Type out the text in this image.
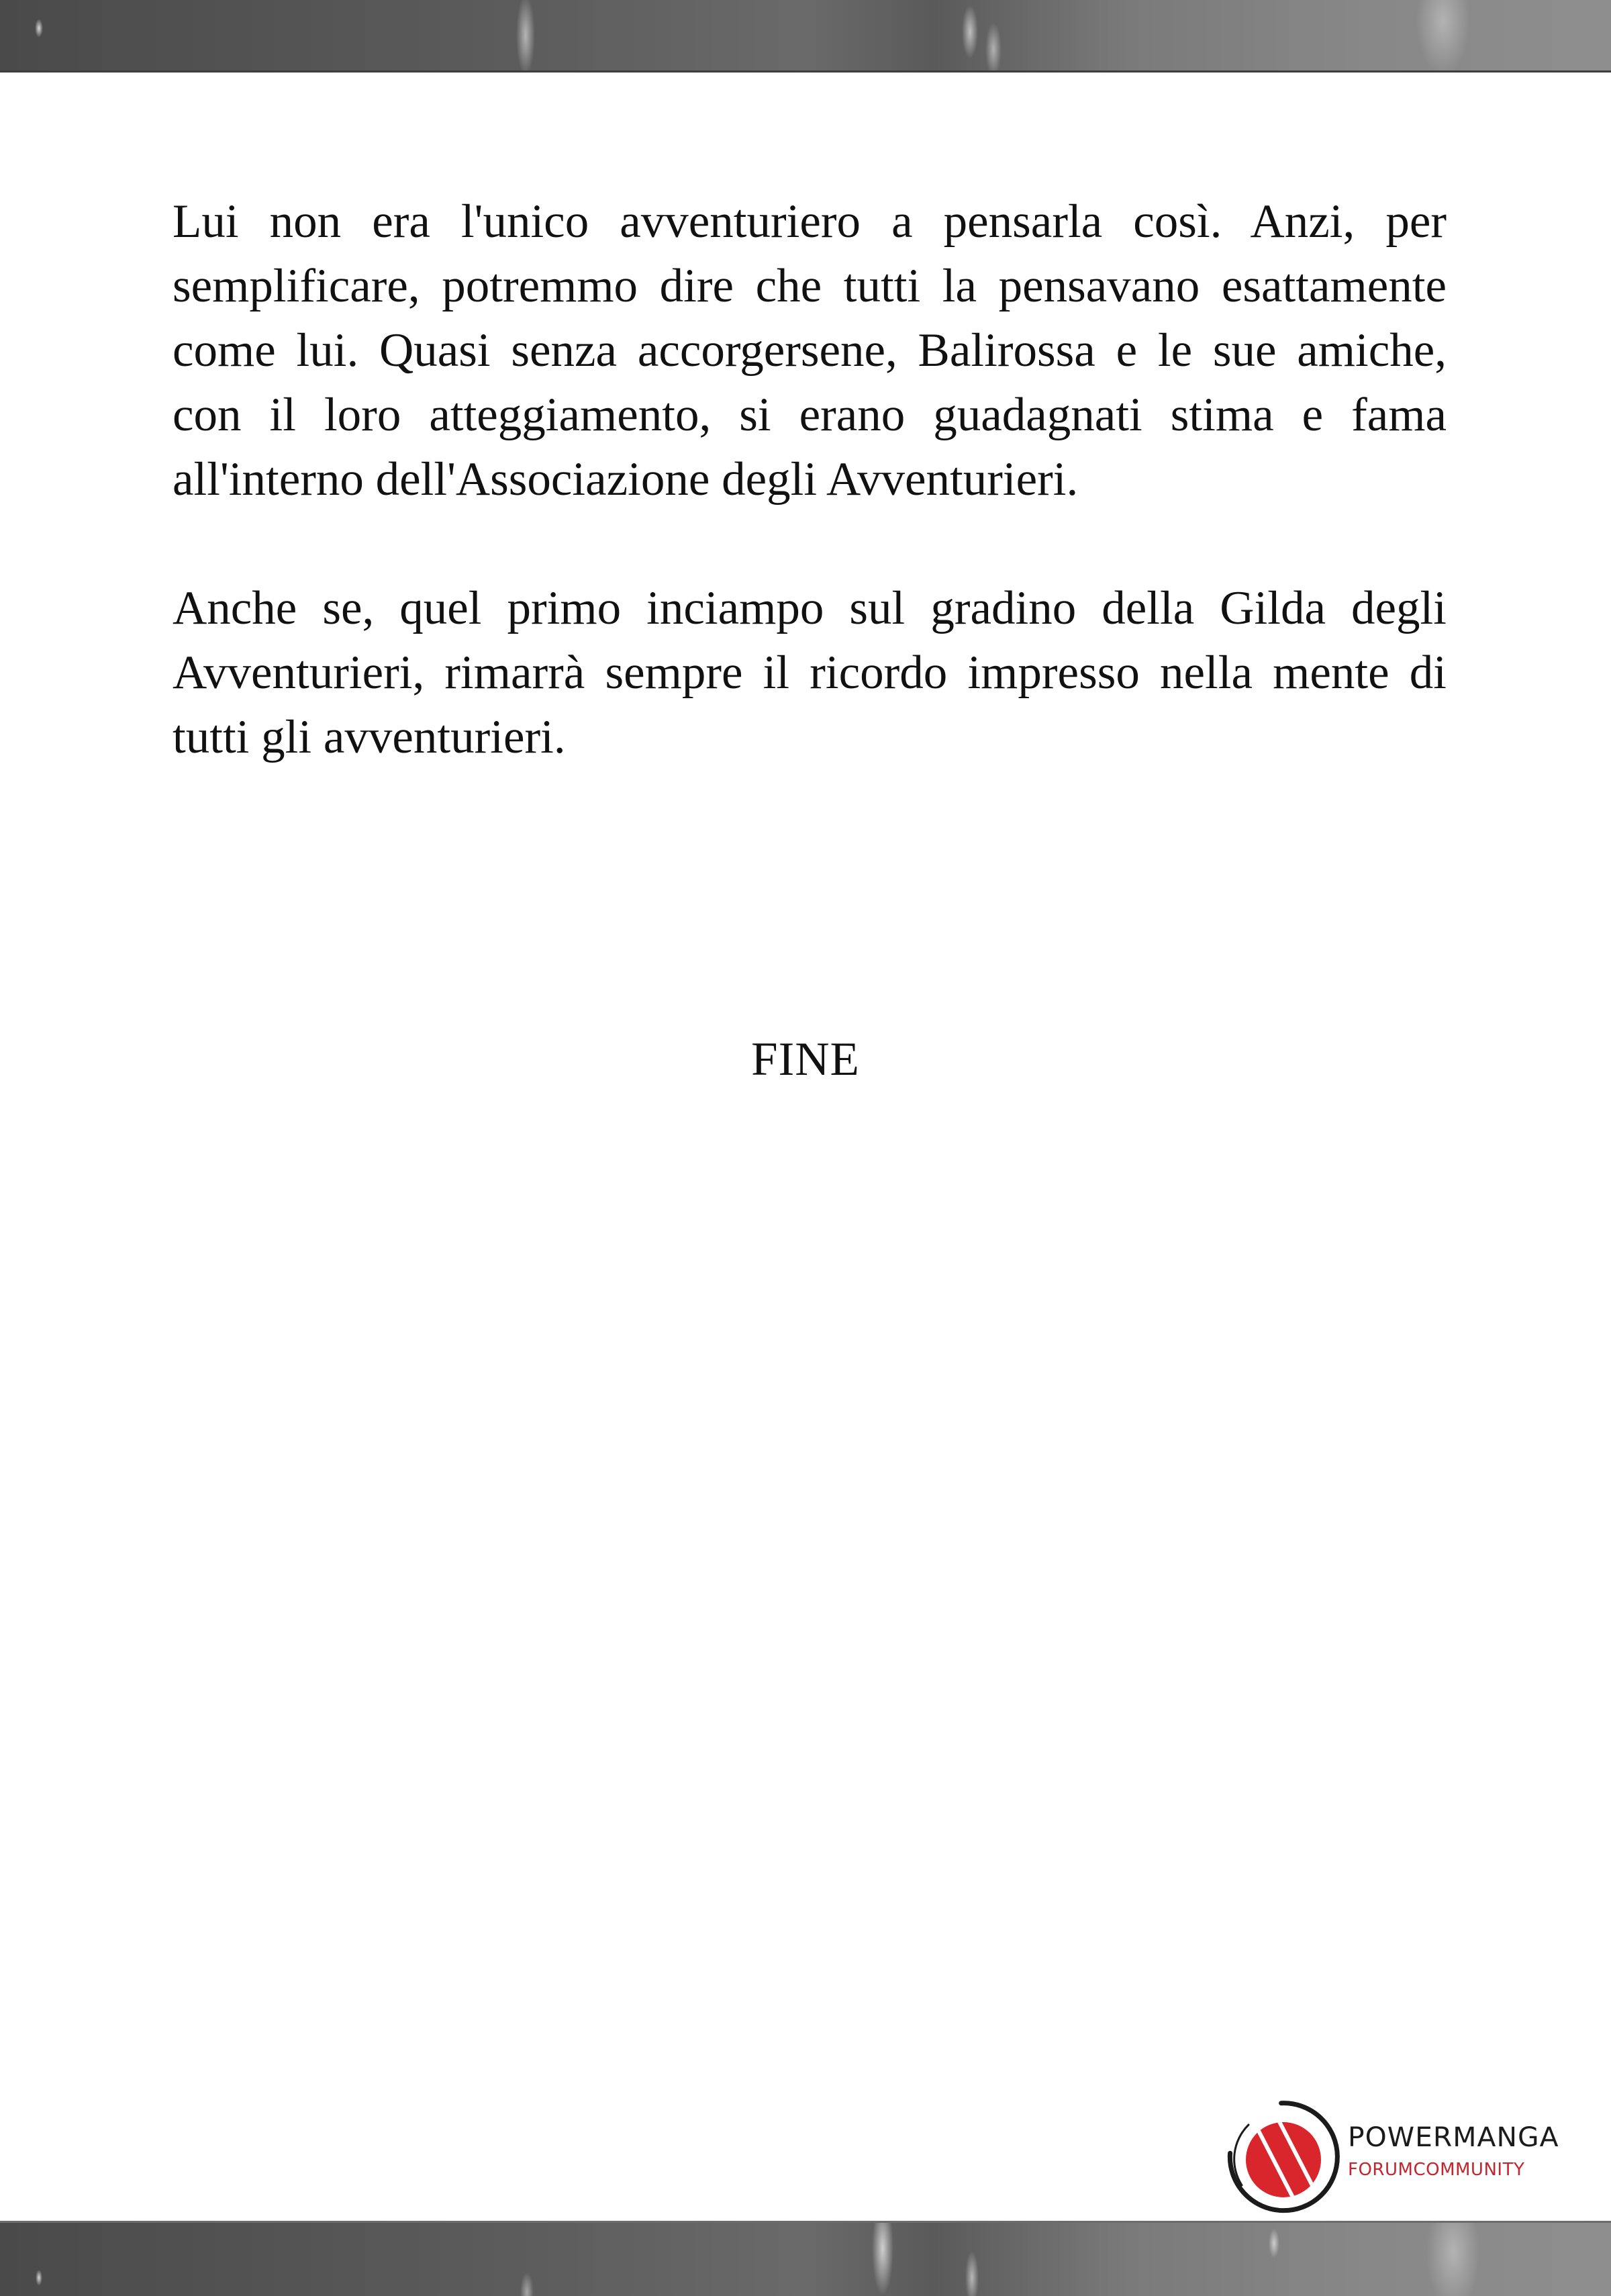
Lui non era l'unico avventuriero a pensarla così. Anzi, per semplificare, potremmo dire che tutti la pensavano esattamente come lui. Quasi senza accorgersene, Balirossa e le sue amiche, con il loro atteggiamento, si erano guadagnati stima e fama all'interno dell'Associazione degli Avventurieri.

Anche se, quel primo inciampo sul gradino della Gilda degli Avventurieri, rimarrà sempre il ricordo impresso nella mente di tutti gli avventurieri.

FINE
POWERMANGA
FORUMCOMMUNITY
